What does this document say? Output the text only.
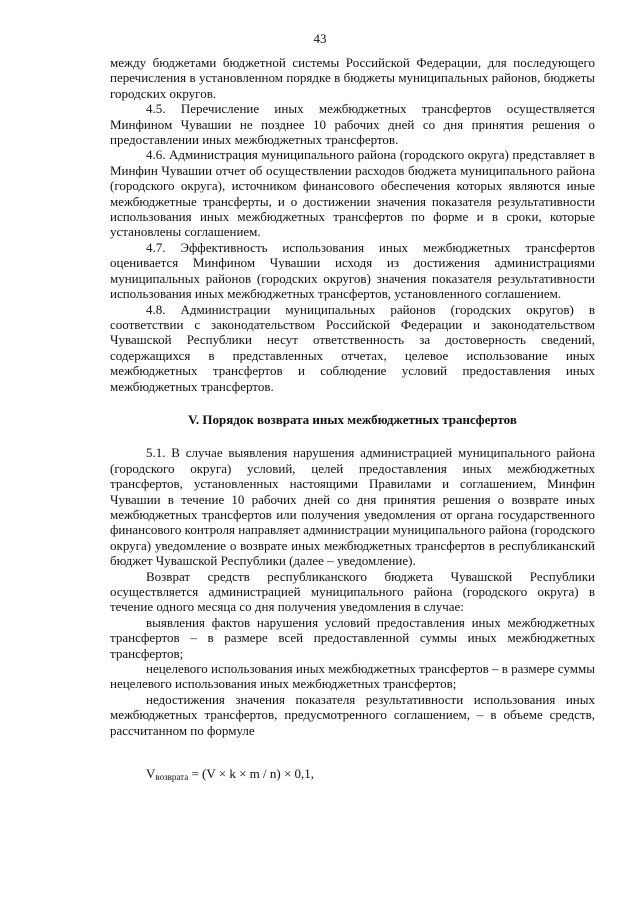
43

между бюджетами бюджетной системы Российской Федерации, для последующего перечисления в установленном порядке в бюджеты муниципальных районов, бюджеты городских округов.

4.5. Перечисление иных межбюджетных трансфертов осуществляется Минфином Чувашии не позднее 10 рабочих дней со дня принятия решения о предоставлении иных межбюджетных трансфертов.

4.6. Администрация муниципального района (городского округа) представляет в Минфин Чувашии отчет об осуществлении расходов бюджета муниципального района (городского округа), источником финансового обеспечения которых являются иные межбюджетные трансферты, и о достижении значения показателя результативности использования иных межбюджетных трансфертов по форме и в сроки, которые установлены соглашением.

4.7. Эффективность использования иных межбюджетных трансфертов оценивается Минфином Чувашии исходя из достижения администрациями муниципальных районов (городских округов) значения показателя результативности использования иных межбюджетных трансфертов, установленного соглашением.

4.8. Администрации муниципальных районов (городских округов) в соответствии с законодательством Российской Федерации и законодательством Чувашской Республики несут ответственность за достоверность сведений, содержащихся в представленных отчетах, целевое использование иных межбюджетных трансфертов и соблюдение условий предоставления иных межбюджетных трансфертов.

V. Порядок возврата иных межбюджетных трансфертов

5.1. В случае выявления нарушения администрацией муниципального района (городского округа) условий, целей предоставления иных межбюджетных трансфертов, установленных настоящими Правилами и соглашением, Минфин Чувашии в течение 10 рабочих дней со дня принятия решения о возврате иных межбюджетных трансфертов или получения уведомления от органа государственного финансового контроля направляет администрации муниципального района (городского округа) уведомление о возврате иных межбюджетных трансфертов в республиканский бюджет Чувашской Республики (далее – уведомление).

Возврат средств республиканского бюджета Чувашской Республики осуществляется администрацией муниципального района (городского округа) в течение одного месяца со дня получения уведомления в случае:

выявления фактов нарушения условий предоставления иных межбюджетных трансфертов – в размере всей предоставленной суммы иных межбюджетных трансфертов;

нецелевого использования иных межбюджетных трансфертов – в размере суммы нецелевого использования иных межбюджетных трансфертов;

недостижения значения показателя результативности использования иных межбюджетных трансфертов, предусмотренного соглашением, – в объеме средств, рассчитанном по формуле

$V_{возврата} = (V \times k \times m / n) \times 0,1$,
